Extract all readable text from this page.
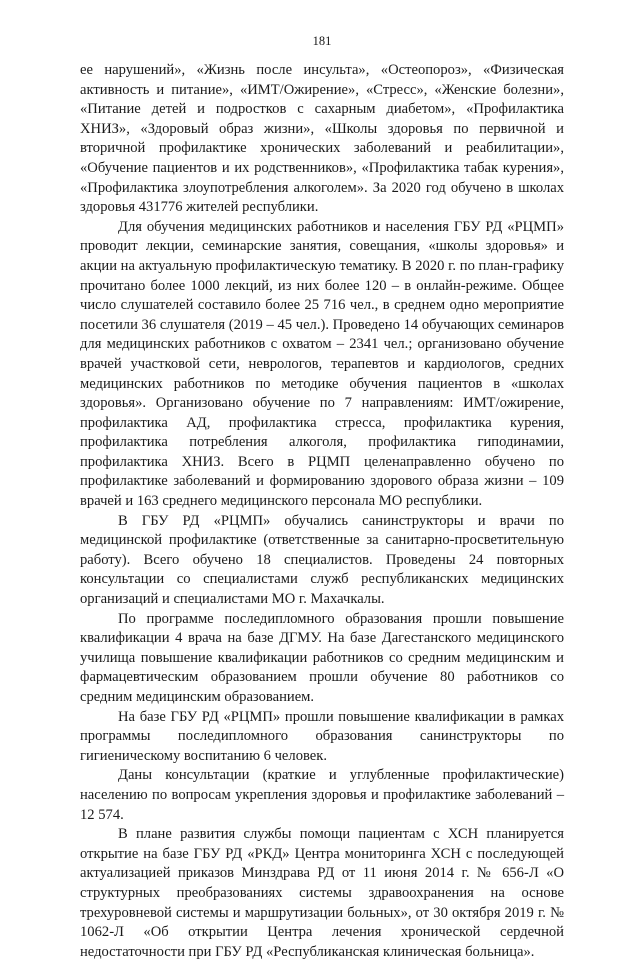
181

ее нарушений», «Жизнь после инсульта», «Остеопороз», «Физическая активность и питание», «ИМТ/Ожирение», «Стресс», «Женские болезни», «Питание детей и подростков с сахарным диабетом», «Профилактика ХНИЗ», «Здоровый образ жизни», «Школы здоровья по первичной и вторичной профилактике хронических заболеваний и реабилитации», «Обучение пациентов и их родственников», «Профилактика табак курения», «Профилактика злоупотребления алкоголем». За 2020 год обучено в школах здоровья 431776 жителей республики.

Для обучения медицинских работников и населения ГБУ РД «РЦМП» проводит лекции, семинарские занятия, совещания, «школы здоровья» и акции на актуальную профилактическую тематику. В 2020 г. по план-графику прочитано более 1000 лекций, из них более 120 – в онлайн-режиме. Общее число слушателей составило более 25 716 чел., в среднем одно мероприятие посетили 36 слушателя (2019 – 45 чел.). Проведено 14 обучающих семинаров для медицинских работников с охватом – 2341 чел.; организовано обучение врачей участковой сети, неврологов, терапевтов и кардиологов, средних медицинских работников по методике обучения пациентов в «школах здоровья». Организовано обучение по 7 направлениям: ИМТ/ожирение, профилактика АД, профилактика стресса, профилактика курения, профилактика потребления алкоголя, профилактика гиподинамии, профилактика ХНИЗ. Всего в РЦМП целенаправленно обучено по профилактике заболеваний и формированию здорового образа жизни – 109 врачей и 163 среднего медицинского персонала МО республики.

В ГБУ РД «РЦМП» обучались санинструкторы и врачи по медицинской профилактике (ответственные за санитарно-просветительную работу). Всего обучено 18 специалистов. Проведены 24 повторных консультации со специалистами служб республиканских медицинских организаций и специалистами МО г. Махачкалы.

По программе последипломного образования прошли повышение квалификации 4 врача на базе ДГМУ. На базе Дагестанского медицинского училища повышение квалификации работников со средним медицинским и фармацевтическим образованием прошли обучение 80 работников со средним медицинским образованием.

На базе ГБУ РД «РЦМП» прошли повышение квалификации в рамках программы последипломного образования санинструкторы по гигиеническому воспитанию 6 человек.

Даны консультации (краткие и углубленные профилактические) населению по вопросам укрепления здоровья и профилактике заболеваний – 12 574.

В плане развития службы помощи пациентам с ХСН планируется открытие на базе ГБУ РД «РКД» Центра мониторинга ХСН с последующей актуализацией приказов Минздрава РД от 11 июня 2014 г. № 656-Л «О структурных преобразованиях системы здравоохранения на основе трехуровневой системы и маршрутизации больных», от 30 октября 2019 г. № 1062-Л «Об открытии Центра лечения хронической сердечной недостаточности при ГБУ РД «Республиканская клиническая больница».
